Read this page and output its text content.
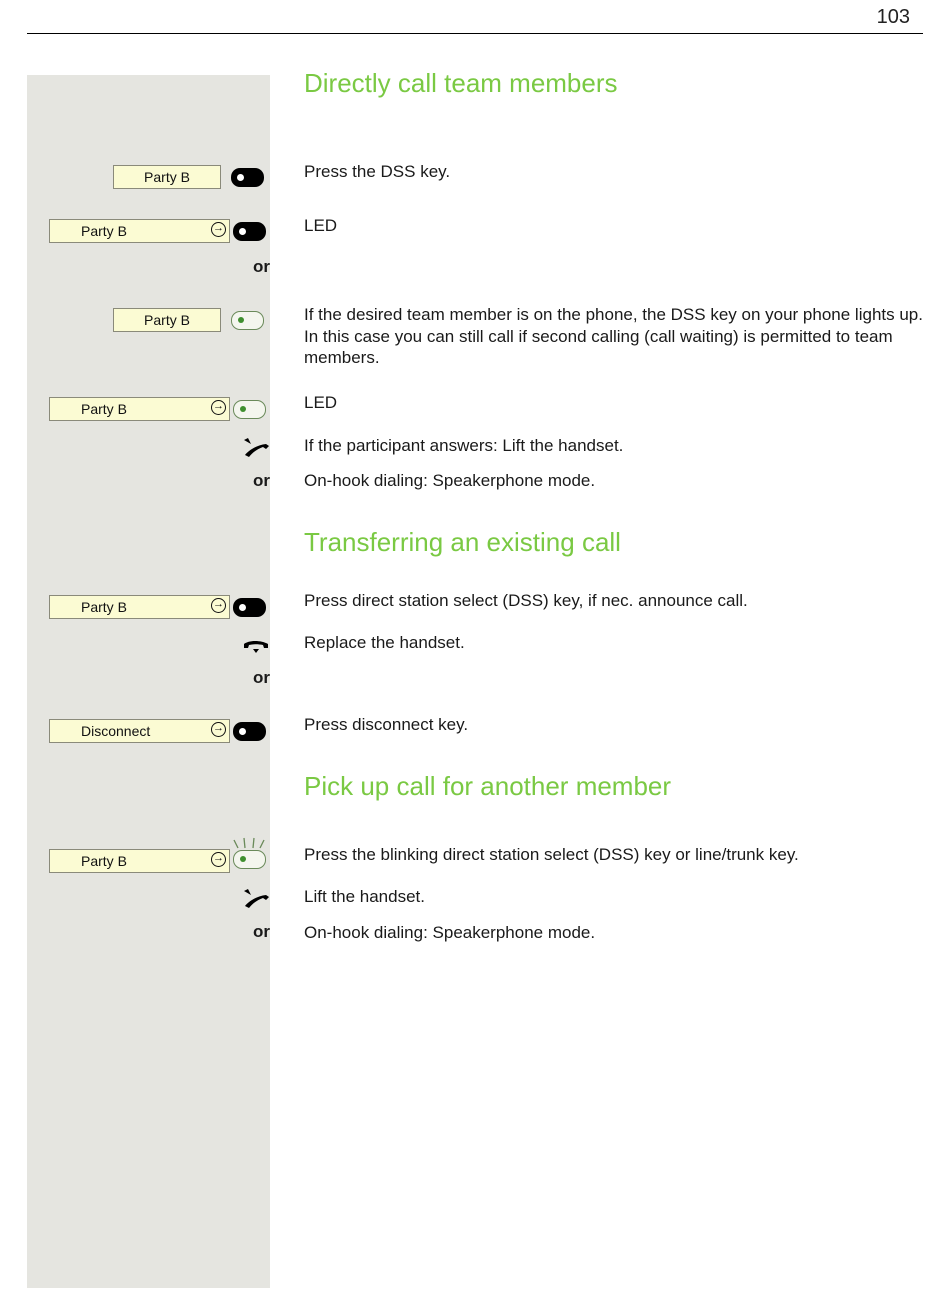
103
Directly call team members
Party B	Press the DSS key.
Party B	→	LED
or
Party B	If the desired team member is on the phone, the DSS key on your phone lights up. In this case you can still call if second calling (call waiting) is permitted to team members.
Party B	→	LED
If the participant answers: Lift the handset.
or On-hook dialing: Speakerphone mode.
Transferring an existing call
Party B	→	Press direct station select (DSS) key, if nec. announce call.
Replace the handset.
or
Disconnect	→	Press disconnect key.
Pick up call for another member
Party B	→	Press the blinking direct station select (DSS) key or line/trunk key.
Lift the handset.
or On-hook dialing: Speakerphone mode.
